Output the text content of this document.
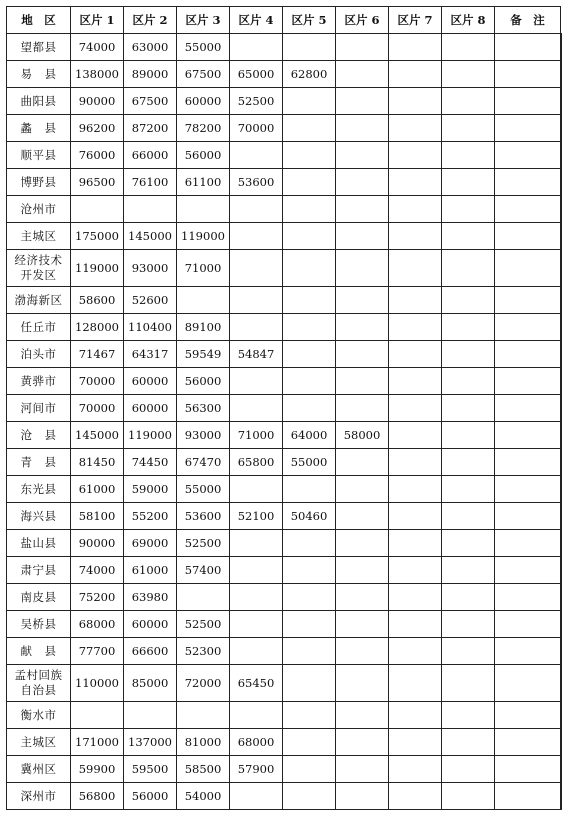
地　区	区片 1	区片 2	区片 3	区片 4	区片 5	区片 6	区片 7	区片 8	备　注	
望都县	74000	63000	55000							
易　县	138000	89000	67500	65000	62800					
曲阳县	90000	67500	60000	52500						
蠡　县	96200	87200	78200	70000						
顺平县	76000	66000	56000							
博野县	96500	76100	61100	53600						
沧州市										
主城区	175000	145000	119000							
经济技术
开发区	119000	93000	71000							
渤海新区	58600	52600								
任丘市	128000	110400	89100							
泊头市	71467	64317	59549	54847						
黄骅市	70000	60000	56000							
河间市	70000	60000	56300							
沧　县	145000	119000	93000	71000	64000	58000				
青　县	81450	74450	67470	65800	55000					
东光县	61000	59000	55000							
海兴县	58100	55200	53600	52100	50460					
盐山县	90000	69000	52500							
肃宁县	74000	61000	57400							
南皮县	75200	63980								
吴桥县	68000	60000	52500							
献　县	77700	66600	52300							
孟村回族
自治县	110000	85000	72000	65450						
衡水市										
主城区	171000	137000	81000	68000						
冀州区	59900	59500	58500	57900						
深州市	56800	56000	54000							
